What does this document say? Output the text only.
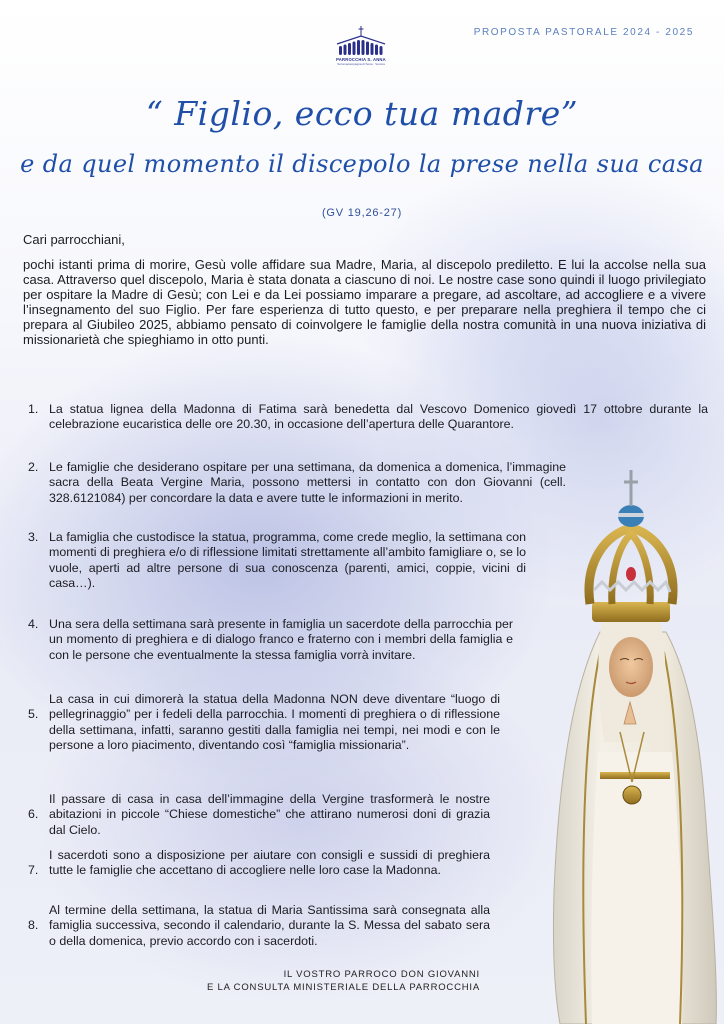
PROPOSTA PASTORALE 2024 - 2025
PARROCCHIA S. ANNA
Sommacampagna di Sona · Verona
“ Figlio, ecco tua madre”
e da quel momento il discepolo la prese nella sua casa
(GV 19,26-27)
Cari parrocchiani,
pochi istanti prima di morire, Gesù volle affidare sua Madre, Maria, al discepolo prediletto. E lui la accolse nella sua casa. Attraverso quel discepolo, Maria è stata donata a ciascuno di noi. Le nostre case sono quindi il luogo privilegiato per ospitare la Madre di Gesù; con Lei e da Lei possiamo imparare a pregare, ad ascoltare, ad accogliere e a vivere l’insegnamento del suo Figlio. Per fare esperienza di tutto questo, e per preparare nella preghiera il tempo che ci prepara al Giubileo 2025, abbiamo pensato di coinvolgere le famiglie della nostra comunità in una nuova iniziativa di missionarietà che spieghiamo in otto punti.
1. La statua lignea della Madonna di Fatima sarà benedetta dal Vescovo Domenico giovedì 17 ottobre durante la celebrazione eucaristica delle ore 20.30, in occasione dell’apertura delle Quarantore.
2. Le famiglie che desiderano ospitare per una settimana, da domenica a domenica, l’immagine sacra della Beata Vergine Maria, possono mettersi in contatto con don Giovanni (cell. 328.6121084) per concordare la data e avere tutte le informazioni in merito.
3. La famiglia che custodisce la statua, programma, come crede meglio, la settimana con momenti di preghiera e/o di riflessione limitati strettamente all’ambito famigliare o, se lo vuole, aperti ad altre persone di sua conoscenza (parenti, amici, coppie, vicini di casa…).
4. Una sera della settimana sarà presente in famiglia un sacerdote della parrocchia per un momento di preghiera e di dialogo franco e fraterno con i membri della famiglia e con le persone che eventualmente la stessa famiglia vorrà invitare.
5.
La casa in cui dimorerà la statua della Madonna NON deve diventare “luogo di pellegrinaggio” per i fedeli della parrocchia. I momenti di preghiera o di riflessione della settimana, infatti, saranno gestiti dalla famiglia nei tempi, nei modi e con le persone a loro piacimento, diventando così “famiglia missionaria”.
6.
Il passare di casa in casa dell’immagine della Vergine trasformerà le nostre abitazioni in piccole “Chiese domestiche” che attirano numerosi doni di grazia dal Cielo.
7.
I sacerdoti sono a disposizione per aiutare con consigli e sussidi di preghiera tutte le famiglie che accettano di accogliere nelle loro case la Madonna.
8.
Al termine della settimana, la statua di Maria Santissima sarà consegnata alla famiglia successiva, secondo il calendario, durante la S. Messa del sabato sera o della domenica, previo accordo con i sacerdoti.
IL VOSTRO PARROCO DON GIOVANNI
E LA CONSULTA MINISTERIALE DELLA PARROCCHIA
